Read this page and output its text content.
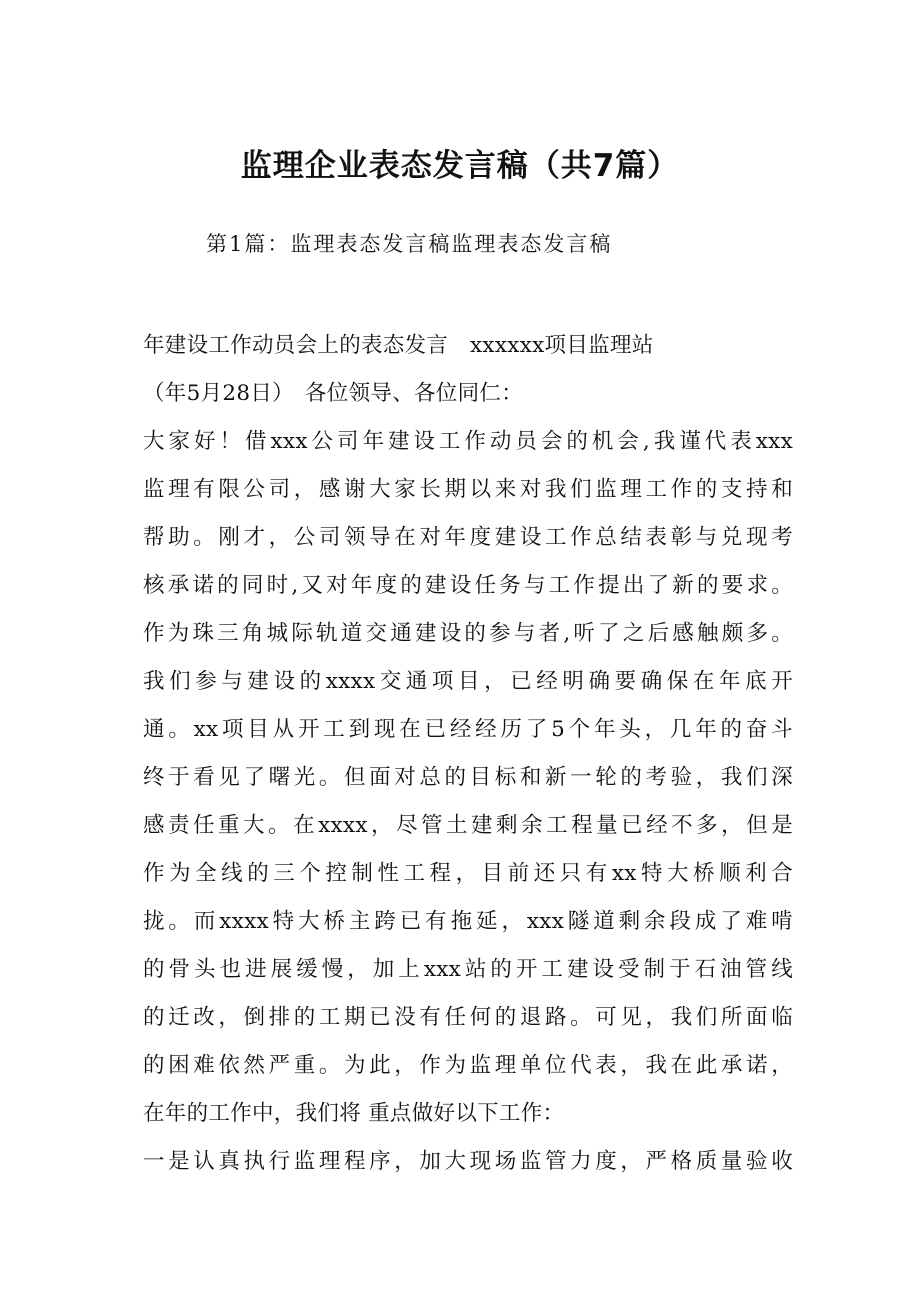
监理企业表态发言稿（共7篇）
第1篇：监理表态发言稿监理表态发言稿
年建设工作动员会上的表态发言　xxxxxx项目监理站
（年5月28日）　各位领导、各位同仁：
大家好！借xxx公司年建设工作动员会的机会,我谨代表xxx
监理有限公司，感谢大家长期以来对我们监理工作的支持和
帮助。刚才，公司领导在对年度建设工作总结表彰与兑现考
核承诺的同时,又对年度的建设任务与工作提出了新的要求。
作为珠三角城际轨道交通建设的参与者,听了之后感触颇多。
我们参与建设的xxxx交通项目，已经明确要确保在年底开
通。xx项目从开工到现在已经经历了5个年头，几年的奋斗
终于看见了曙光。但面对总的目标和新一轮的考验，我们深
感责任重大。在xxxx，尽管土建剩余工程量已经不多，但是
作为全线的三个控制性工程，目前还只有xx特大桥顺利合
拢。而xxxx特大桥主跨已有拖延，xxx隧道剩余段成了难啃
的骨头也进展缓慢，加上xxx站的开工建设受制于石油管线
的迁改，倒排的工期已没有任何的退路。可见，我们所面临
的困难依然严重。为此，作为监理单位代表，我在此承诺，
在年的工作中，我们将 重点做好以下工作：
一是认真执行监理程序，加大现场监管力度，严格质量验收
